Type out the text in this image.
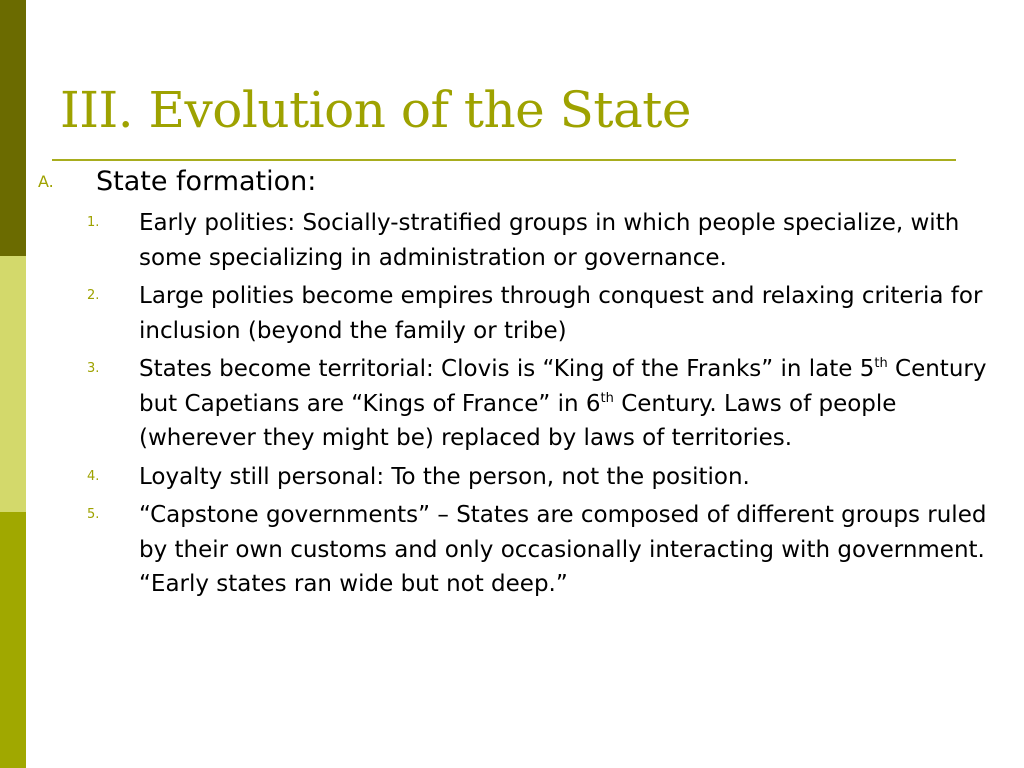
III. Evolution of the State
A. State formation:
1. Early polities: Socially-stratified groups in which people specialize, with some specializing in administration or governance.
2. Large polities become empires through conquest and relaxing criteria for inclusion (beyond the family or tribe)
3. States become territorial: Clovis is “King of the Franks” in late 5th Century but Capetians are “Kings of France” in 6th Century. Laws of people (wherever they might be) replaced by laws of territories.
4. Loyalty still personal: To the person, not the position.
5. “Capstone governments” – States are composed of different groups ruled by their own customs and only occasionally interacting with government. “Early states ran wide but not deep.”
